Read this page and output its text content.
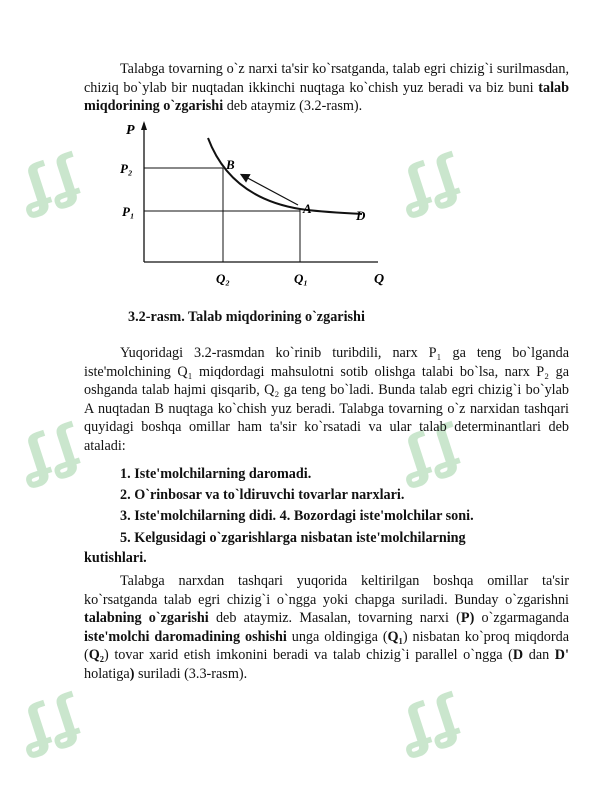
ʆʆ	ʆʆ
ʆʆ	ʆʆ
ʆʆ	ʆʆ

Talabga tovarning o`z narxi ta'sir ko`rsatganda, talab egri chizig`i surilmasdan, chiziq bo`ylab bir nuqtadan ikkinchi nuqtaga ko`chish yuz beradi va biz buni talab miqdorining o`zgarishi deb ataymiz (3.2-rasm).

P
P₂
P₁
B
A	D
Q₂	Q₁	Q
3.2-rasm. Talab miqdorining o`zgarishi

Yuqoridagi 3.2-rasmdan ko`rinib turibdili, narx P₁ ga teng bo`lganda iste'molchining Q₁ miqdordagi mahsulotni sotib olishga talabi bo`lsa, narx P₂ ga oshganda talab hajmi qisqarib, Q₂ ga teng bo`ladi. Bunda talab egri chizig`i bo`ylab A nuqtadan B nuqtaga ko`chish yuz beradi. Talabga tovarning o`z narxidan tashqari quyidagi boshqa omillar ham ta'sir ko`rsatadi va ular talab determinantlari deb ataladi:

1. Iste'molchilarning daromadi.
2. O`rinbosar va to`ldiruvchi tovarlar narxlari.
3. Iste'molchilarning didi. 4. Bozordagi iste'molchilar soni.
5. Kelgusidagi o`zgarishlarga nisbatan iste'molchilarning
kutishlari.

Talabga narxdan tashqari yuqorida keltirilgan boshqa omillar ta'sir ko`rsatganda talab egri chizig`i o`ngga yoki chapga suriladi. Bunday o`zgarishni talabning o`zgarishi deb ataymiz. Masalan, tovarning narxi (P) o`zgarmaganda iste'molchi daromadining oshishi unga oldingiga (Q₁) nisbatan ko`proq miqdorda (Q₂) tovar xarid etish imkonini beradi va talab chizig`i parallel o`ngga (D dan D' holatiga) suriladi (3.3-rasm).
